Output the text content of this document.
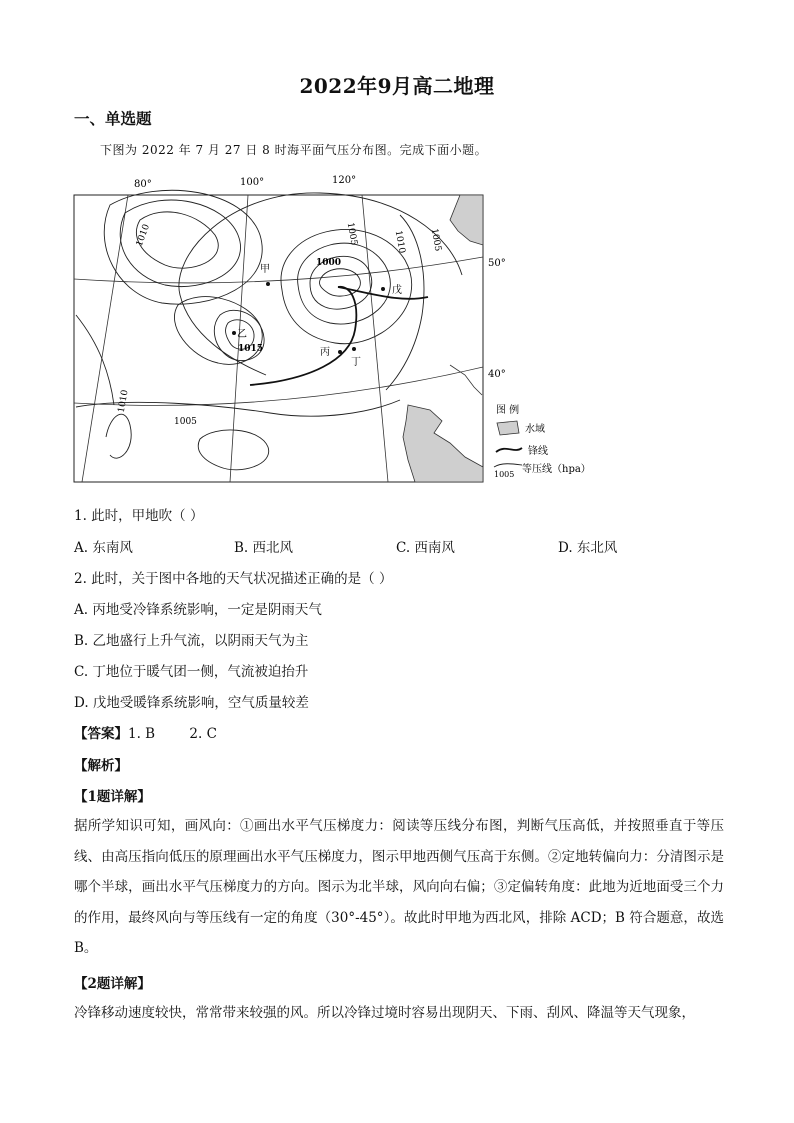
2022年9月高二地理
一、单选题
下图为 2022 年 7 月 27 日 8 时海平面气压分布图。完成下面小题。
80°	100°	120°
50°
40°
甲
乙
丙
丁
戊
1010
1000
1015
1005
1005	1010
1010
1005
图 例
水域
锋线
1005 等压线（hpa）
1. 此时，甲地吹（ ）
A. 东南风	B. 西北风	C. 西南风	D. 东北风
2. 此时，关于图中各地的天气状况描述正确的是（ ）
A. 丙地受冷锋系统影响，一定是阴雨天气
B. 乙地盛行上升气流，以阴雨天气为主
C. 丁地位于暖气团一侧，气流被迫抬升
D. 戊地受暖锋系统影响，空气质量较差
【答案】1. B        2. C
【解析】
【1题详解】
据所学知识可知，画风向：①画出水平气压梯度力：阅读等压线分布图，判断气压高低，并按照垂直于等压线、由高压指向低压的原理画出水平气压梯度力，图示甲地西侧气压高于东侧。②定地转偏向力：分清图示是哪个半球，画出水平气压梯度力的方向。图示为北半球，风向向右偏；③定偏转角度：此地为近地面受三个力的作用，最终风向与等压线有一定的角度（30°-45°）。故此时甲地为西北风，排除 ACD；B 符合题意，故选 B。
【2题详解】
冷锋移动速度较快，常常带来较强的风。所以冷锋过境时容易出现阴天、下雨、刮风、降温等天气现象，
